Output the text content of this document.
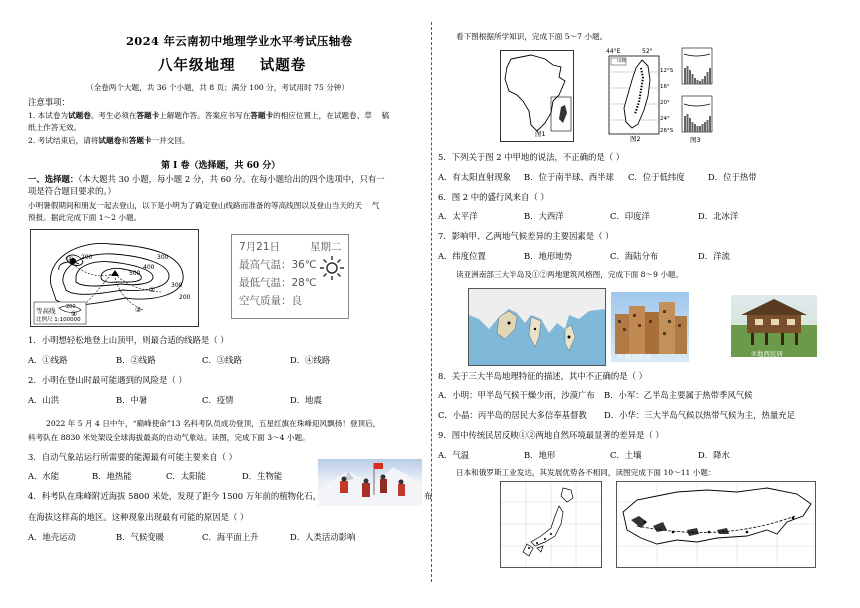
2024 年云南初中地理学业水平考试压轴卷
八年级地理    试题卷
（全卷两个大题，共 36 个小题，共 8 页；满分 100 分，考试用时 75 分钟）
注意事项：
1. 本试卷为试题卷。考生必须在答题卡上解题作答。答案应书写在答题卡的相应位置上，在试题卷、草    稿
纸上作答无效。
2. 考试结束后，请将试题卷和答题卡一并交回。
第 Ⅰ 卷（选择题，共 60 分）
一、选择题：（本大题共 30 小题，每小题 2 分，共 60 分。在每小题给出的四个选项中，只有一
项是符合题目要求的。）
小明暑假期间和朋友一起去登山，以下是小明为了确定登山线路而准备的等高线图以及登山当天的天    气
预报。据此完成下面 1～2 小题。
等高线 200
比例尺 1:100000
①
②
③
④
200	300
400
500
300
200
7月21日	星期二
最高气温：36℃
最低气温：28℃
空气质量：良
1．小明想轻松地登上山顶甲，则最合适的线路是（ ）
A．①线路	B．②线路	C．③线路	D．④线路
2．小明在登山时最可能遇到的风险是（ ）
A．山洪	B．中暑	C．疫情	D．地震
2022 年 5 月 4 日中午，“巅峰使命”13 名科考队员成功登顶，五星红旗在珠峰迎风飘扬！登顶后，
科考队在 8830 米处架设全球海拔最高的自动气象站。读图，完成下面 3～4 小题。
3．自动气象站运行所需要的能源最有可能主要来自（ ）
A．水能	B．地热能	C．太阳能	D．生物能
4．科考队在珠峰附近海拔 5800 米处，发现了距今 1500 万年前的植物化石，	布
在海拔这样高的地区。这种现象出现最有可能的原因是（ ）
A．地壳运动	B．气候变暖	C．海平面上升	D．人类活动影响
看下图根据所学知识，完成下面 5～7 小题。
图1
44°E	52°
山脉
12°S
16°
20°
24°
26°S
图2	图3
5．下列关于图 2 中甲地的说法，不正确的是（ ）
A．有太阳直射现象 B．位于南半球、西半球 C．位于低纬度	D．位于热带
6．图 2 中的盛行风来自（ ）
A．太平洋	B．大西洋	C．印度洋	D．北冰洋
7．影响甲、乙两地气候差异的主要因素是（ ）
A．纬度位置	B．地形地势	C．海陆分布	D．洋流
读亚洲南部三大半岛及①②两地建筑风格图，完成下面 8～9 小题。
① 地西民居	②地西民居
8．关于三大半岛地理特征的描述，其中不正确的是（ ）
A．小明：甲半岛气候干燥少雨，沙漠广布 B．小军：乙半岛主要属于热带季风气候
C．小晶：丙半岛的居民大多信奉基督教 D．小华：三大半岛气候以热带气候为主，热量充足
9．图中传统民居反映①②两地自然环境最显著的差异是（ ）
A．气温	B．地形	C．土壤	D．降水
日本和俄罗斯工业发达，其发展优势各不相同，读图完成下面 10～11 小题：
